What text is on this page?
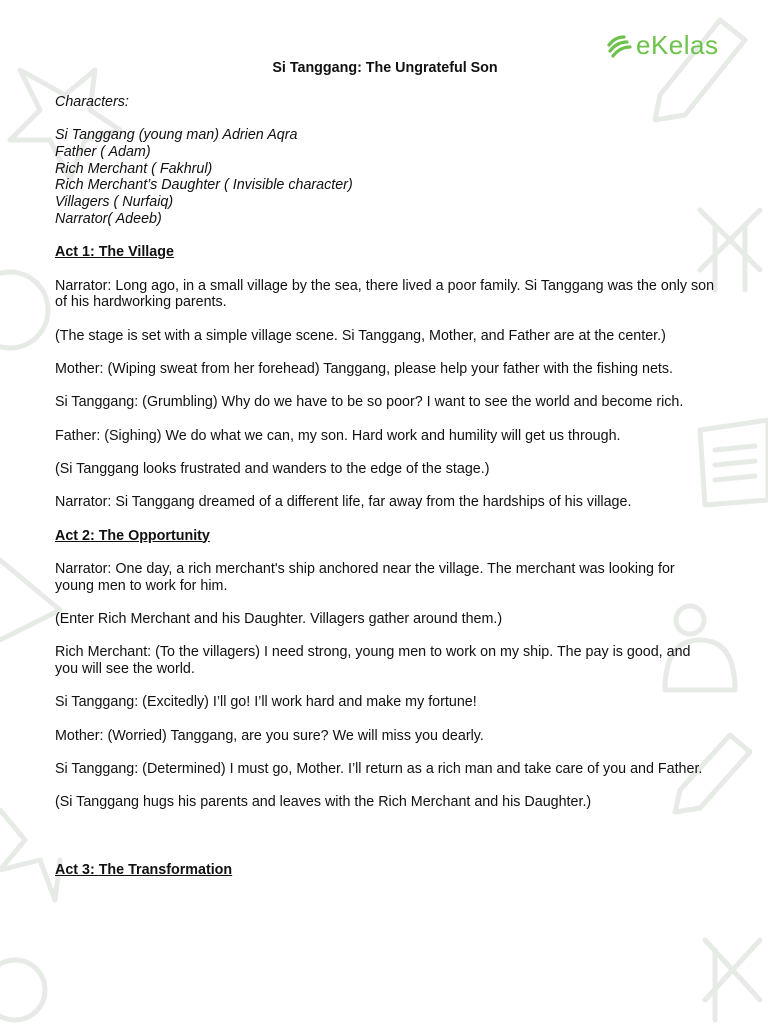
eKelas
Si Tanggang: The Ungrateful Son

Characters:

Si Tanggang (young man) Adrien Aqra
Father ( Adam)
Rich Merchant ( Fakhrul)
Rich Merchant’s Daughter ( Invisible character)
Villagers ( Nurfaiq)
Narrator( Adeeb)

Act 1: The Village

Narrator: Long ago, in a small village by the sea, there lived a poor family. Si Tanggang was the only son of his hardworking parents.

(The stage is set with a simple village scene. Si Tanggang, Mother, and Father are at the center.)

Mother: (Wiping sweat from her forehead) Tanggang, please help your father with the fishing nets.

Si Tanggang: (Grumbling) Why do we have to be so poor? I want to see the world and become rich.

Father: (Sighing) We do what we can, my son. Hard work and humility will get us through.

(Si Tanggang looks frustrated and wanders to the edge of the stage.)

Narrator: Si Tanggang dreamed of a different life, far away from the hardships of his village.

Act 2: The Opportunity

Narrator: One day, a rich merchant's ship anchored near the village. The merchant was looking for young men to work for him.

(Enter Rich Merchant and his Daughter. Villagers gather around them.)

Rich Merchant: (To the villagers) I need strong, young men to work on my ship. The pay is good, and you will see the world.

Si Tanggang: (Excitedly) I’ll go! I’ll work hard and make my fortune!

Mother: (Worried) Tanggang, are you sure? We will miss you dearly.

Si Tanggang: (Determined) I must go, Mother. I’ll return as a rich man and take care of you and Father.

(Si Tanggang hugs his parents and leaves with the Rich Merchant and his Daughter.)

Act 3: The Transformation
